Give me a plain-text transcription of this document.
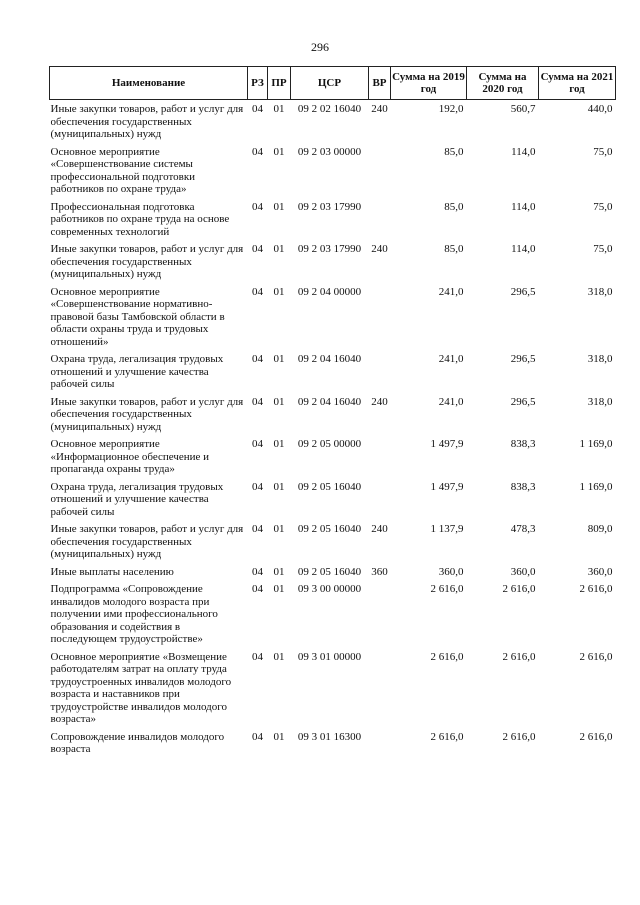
296
Наименование	РЗ	ПР	ЦСР	ВР	Сумма на 2019 год	Сумма на 2020 год	Сумма на 2021 год
Иные закупки товаров, работ и услуг для обеспечения государственных (муниципальных) нужд	04	01	09 2 02 16040	240	192,0	560,7	440,0
Основное мероприятие «Совершенствование системы профессиональной подготовки работников по охране труда»	04	01	09 2 03 00000		85,0	114,0	75,0
Профессиональная подготовка работников по охране труда на основе современных технологий	04	01	09 2 03 17990		85,0	114,0	75,0
Иные закупки товаров, работ и услуг для обеспечения государственных (муниципальных) нужд	04	01	09 2 03 17990	240	85,0	114,0	75,0
Основное мероприятие «Совершенствование нормативно-правовой базы Тамбовской области в области охраны труда и трудовых отношений»	04	01	09 2 04 00000		241,0	296,5	318,0
Охрана труда, легализация трудовых отношений и улучшение качества рабочей силы	04	01	09 2 04 16040		241,0	296,5	318,0
Иные закупки товаров, работ и услуг для обеспечения государственных (муниципальных) нужд	04	01	09 2 04 16040	240	241,0	296,5	318,0
Основное мероприятие «Информационное обеспечение и пропаганда охраны труда»	04	01	09 2 05 00000		1 497,9	838,3	1 169,0
Охрана труда, легализация трудовых отношений и улучшение качества рабочей силы	04	01	09 2 05 16040		1 497,9	838,3	1 169,0
Иные закупки товаров, работ и услуг для обеспечения государственных (муниципальных) нужд	04	01	09 2 05 16040	240	1 137,9	478,3	809,0
Иные выплаты населению	04	01	09 2 05 16040	360	360,0	360,0	360,0
Подпрограмма «Сопровождение инвалидов молодого возраста при получении ими профессионального образования и содействия в последующем трудоустройстве»	04	01	09 3 00 00000		2 616,0	2 616,0	2 616,0
Основное мероприятие «Возмещение работодателям затрат на оплату труда трудоустроенных инвалидов молодого возраста и наставников при трудоустройстве инвалидов молодого возраста»	04	01	09 3 01 00000		2 616,0	2 616,0	2 616,0
Сопровождение инвалидов молодого возраста	04	01	09 3 01 16300		2 616,0	2 616,0	2 616,0
